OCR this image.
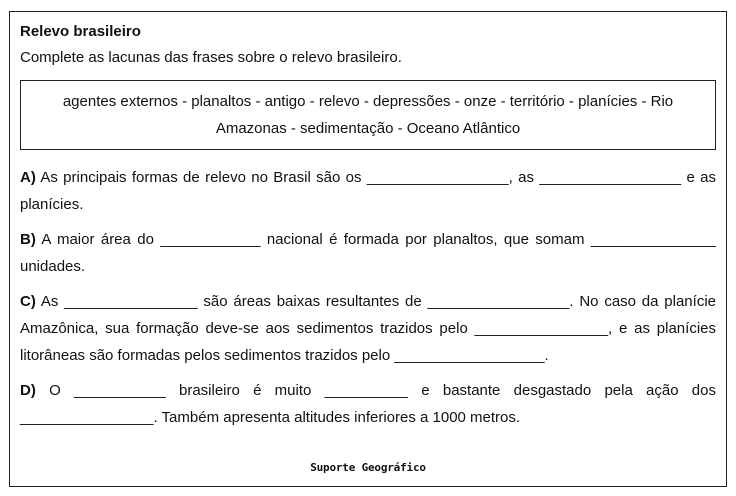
Relevo brasileiro
Complete as lacunas das frases sobre o relevo brasileiro.
agentes externos - planaltos - antigo - relevo - depressões - onze - território - planícies - Rio Amazonas - sedimentação - Oceano Atlântico

A) As principais formas de relevo no Brasil são os _________________, as _________________ e as planícies.

B) A maior área do ____________ nacional é formada por planaltos, que somam _______________ unidades.

C) As ________________ são áreas baixas resultantes de _________________. No caso da planície Amazônica, sua formação deve-se aos sedimentos trazidos pelo ________________, e as planícies litorâneas são formadas pelos sedimentos trazidos pelo __________________.

D) O ___________ brasileiro é muito __________ e bastante desgastado pela ação dos ________________. Também apresenta altitudes inferiores a 1000 metros.

Suporte Geográfico
